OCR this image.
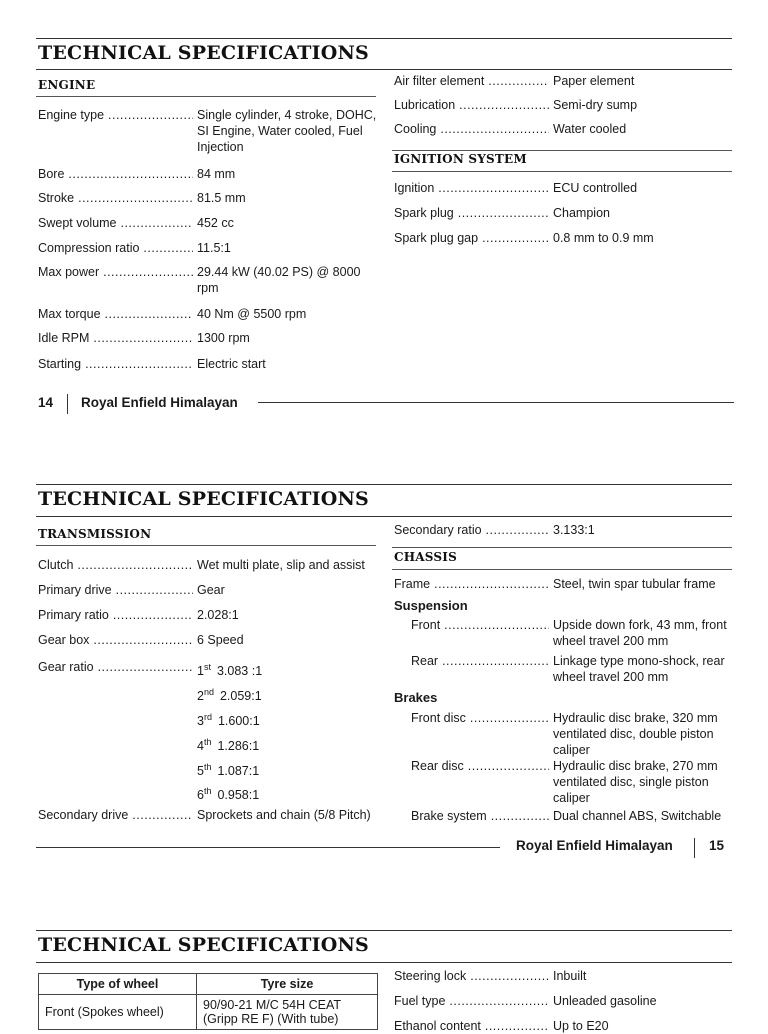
TECHNICAL SPECIFICATIONS
ENGINE
Engine type .....	Single cylinder, 4 stroke, DOHC, SI Engine, Water cooled, Fuel Injection
Bore .....	84 mm
Stroke .....	81.5 mm
Swept volume .....	452 cc
Compression ratio .....	11.5:1
Max power .....	29.44 kW (40.02 PS) @ 8000 rpm
Max torque .....	40 Nm @ 5500 rpm
Idle RPM .....	1300 rpm
Starting .....	Electric start
Air filter element .....	Paper element
Lubrication .....	Semi-dry sump
Cooling .....	Water cooled
IGNITION SYSTEM
Ignition .....	ECU controlled
Spark plug .....	Champion
Spark plug gap .....	0.8 mm to 0.9 mm
14 Royal Enfield Himalayan
TECHNICAL SPECIFICATIONS
TRANSMISSION
Clutch .....	Wet multi plate, slip and assist
Primary drive .....	Gear
Primary ratio .....	2.028:1
Gear box .....	6 Speed
Gear ratio .....	1st 3.083 :1
2nd 2.059:1
3rd 1.600:1
4th 1.286:1
5th 1.087:1
6th 0.958:1
Secondary drive .....	Sprockets and chain (5/8 Pitch)
Secondary ratio .....	3.133:1
CHASSIS
Frame .....	Steel, twin spar tubular frame
Suspension
Front .....	Upside down fork, 43 mm, front wheel travel 200 mm
Rear .....	Linkage type mono-shock, rear wheel travel 200 mm
Brakes
Front disc .....	Hydraulic disc brake, 320 mm ventilated disc, double piston caliper
Rear disc .....	Hydraulic disc brake, 270 mm ventilated disc, single piston caliper
Brake system .....	Dual channel ABS, Switchable
Royal Enfield Himalayan	15
TECHNICAL SPECIFICATIONS
Type of wheel	Tyre size
Front (Spokes wheel)	90/90-21 M/C 54H CEAT (Gripp RE F) (With tube)
Steering lock .....	Inbuilt
Fuel type .....	Unleaded gasoline
Ethanol content .....	Up to E20
